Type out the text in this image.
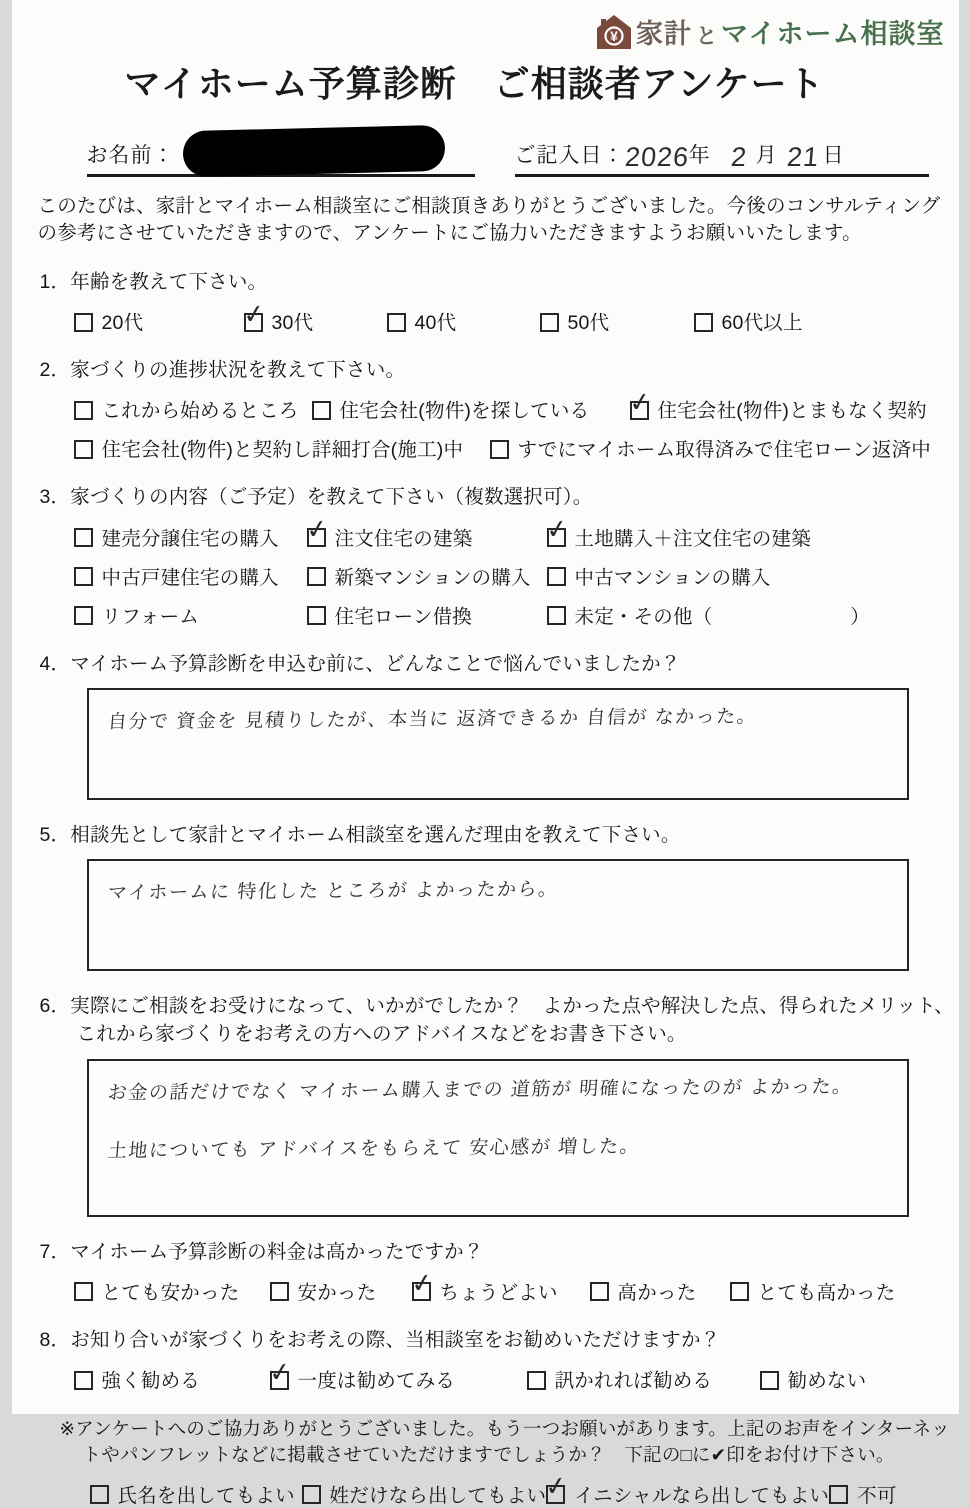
¥ 家計 と マイホーム相談室
マイホーム予算診断　ご相談者アンケート
お名前：	ご記入日：
2026
年 2 月 21 日
このたびは、家計とマイホーム相談室にご相談頂きありがとうございました。今後のコンサルティングの参考にさせていただきますので、アンケートにご協力いただきますようお願いいたします。
1．年齢を教えて下さい。
20代	✓ 30代	40代	50代	60代以上
2．家づくりの進捗状況を教えて下さい。
これから始めるところ 住宅会社(物件)を探している ✓ 住宅会社(物件)とまもなく契約
住宅会社(物件)と契約し詳細打合(施工)中	すでにマイホーム取得済みで住宅ローン返済中
3．家づくりの内容（ご予定）を教えて下さい（複数選択可）。
建売分譲住宅の購入 ✓ 注文住宅の建築	✓ 土地購入＋注文住宅の建築
中古戸建住宅の購入	新築マンションの購入 中古マンションの購入
リフォーム	住宅ローン借換	未定・その他（　　　　　　　）
4．マイホーム予算診断を申込む前に、どんなことで悩んでいましたか？
自分で 資金を 見積りしたが、本当に 返済できるか 自信が なかった。
5．相談先として家計とマイホーム相談室を選んだ理由を教えて下さい。
マイホームに 特化した ところが よかったから。
6．実際にご相談をお受けになって、いかがでしたか？　よかった点や解決した点、得られたメリット、これから家づくりをお考えの方へのアドバイスなどをお書き下さい。
お金の話だけでなく マイホーム購入までの 道筋が 明確になったのが よかった。 土地についても アドバイスをもらえて 安心感が 増した。
7．マイホーム予算診断の料金は高かったですか？
とても安かった	安かった ✓ ちょうどよい	高かった	とても高かった
8．お知り合いが家づくりをお考えの際、当相談室をお勧めいただけますか？
強く勧める	✓ 一度は勧めてみる	訊かれれば勧める	勧めない
※アンケートへのご協力ありがとうございました。もう一つお願いがあります。上記のお声をインターネットやパンフレットなどに掲載させていただけますでしょうか？　下記の□に✔印をお付け下さい。
氏名を出してもよい 姓だけなら出してもよい
✓ イニシャルなら出してもよい 不可
